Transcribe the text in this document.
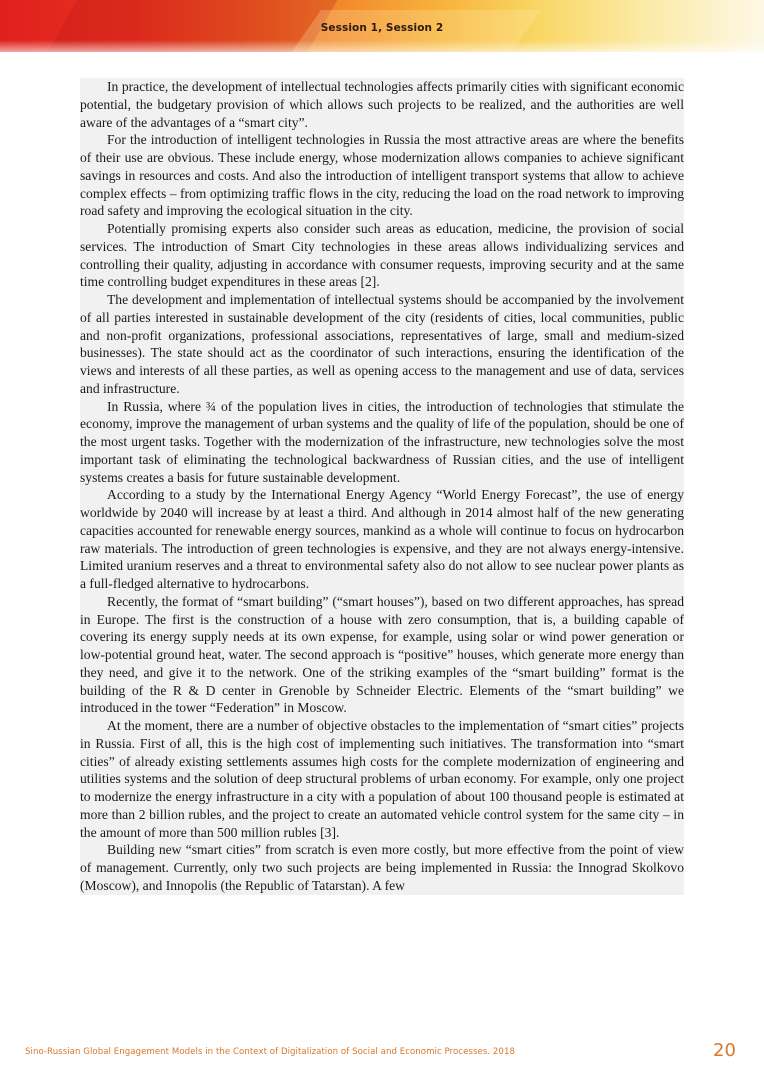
Session 1, Session 2

In practice, the development of intellectual technologies affects primarily cities with significant economic potential, the budgetary provision of which allows such projects to be realized, and the authorities are well aware of the advantages of a “smart city”.

For the introduction of intelligent technologies in Russia the most attractive areas are where the benefits of their use are obvious. These include energy, whose modernization allows companies to achieve significant savings in resources and costs. And also the introduction of intelligent transport systems that allow to achieve complex effects – from optimizing traffic flows in the city, reducing the load on the road network to improving road safety and improving the ecological situation in the city.

Potentially promising experts also consider such areas as education, medicine, the provision of social services. The introduction of Smart City technologies in these areas allows individualizing services and controlling their quality, adjusting in accordance with consumer requests, improving security and at the same time controlling budget expenditures in these areas [2].

The development and implementation of intellectual systems should be accompanied by the involvement of all parties interested in sustainable development of the city (residents of cities, local communities, public and non-profit organizations, professional associations, representatives of large, small and medium-sized businesses). The state should act as the coordinator of such interactions, ensuring the identification of the views and interests of all these parties, as well as opening access to the management and use of data, services and infrastructure.

In Russia, where ¾ of the population lives in cities, the introduction of technologies that stimulate the economy, improve the management of urban systems and the quality of life of the population, should be one of the most urgent tasks. Together with the modernization of the infrastructure, new technologies solve the most important task of eliminating the technological backwardness of Russian cities, and the use of intelligent systems creates a basis for future sustainable development.

According to a study by the International Energy Agency “World Energy Forecast”, the use of energy worldwide by 2040 will increase by at least a third. And although in 2014 almost half of the new generating capacities accounted for renewable energy sources, mankind as a whole will continue to focus on hydrocarbon raw materials. The introduction of green technologies is expensive, and they are not always energy-intensive. Limited uranium reserves and a threat to environmental safety also do not allow to see nuclear power plants as a full-fledged alternative to hydrocarbons.

Recently, the format of “smart building” (“smart houses”), based on two different approaches, has spread in Europe. The first is the construction of a house with zero consumption, that is, a building capable of covering its energy supply needs at its own expense, for example, using solar or wind power generation or low-potential ground heat, water. The second approach is “positive” houses, which generate more energy than they need, and give it to the network. One of the striking examples of the “smart building” format is the building of the R & D center in Grenoble by Schneider Electric. Elements of the “smart building” we introduced in the tower “Federation” in Moscow.

At the moment, there are a number of objective obstacles to the implementation of “smart cities” projects in Russia. First of all, this is the high cost of implementing such initiatives. The transformation into “smart cities” of already existing settlements assumes high costs for the complete modernization of engineering and utilities systems and the solution of deep structural problems of urban economy. For example, only one project to modernize the energy infrastructure in a city with a population of about 100 thousand people is estimated at more than 2 billion rubles, and the project to create an automated vehicle control system for the same city – in the amount of more than 500 million rubles [3].

Building new “smart cities” from scratch is even more costly, but more effective from the point of view of management. Currently, only two such projects are being implemented in Russia: the Innograd Skolkovo (Moscow), and Innopolis (the Republic of Tatarstan). A few

Sino-Russian Global Engagement Models in the Context of Digitalization of Social and Economic Processes. 2018	20
